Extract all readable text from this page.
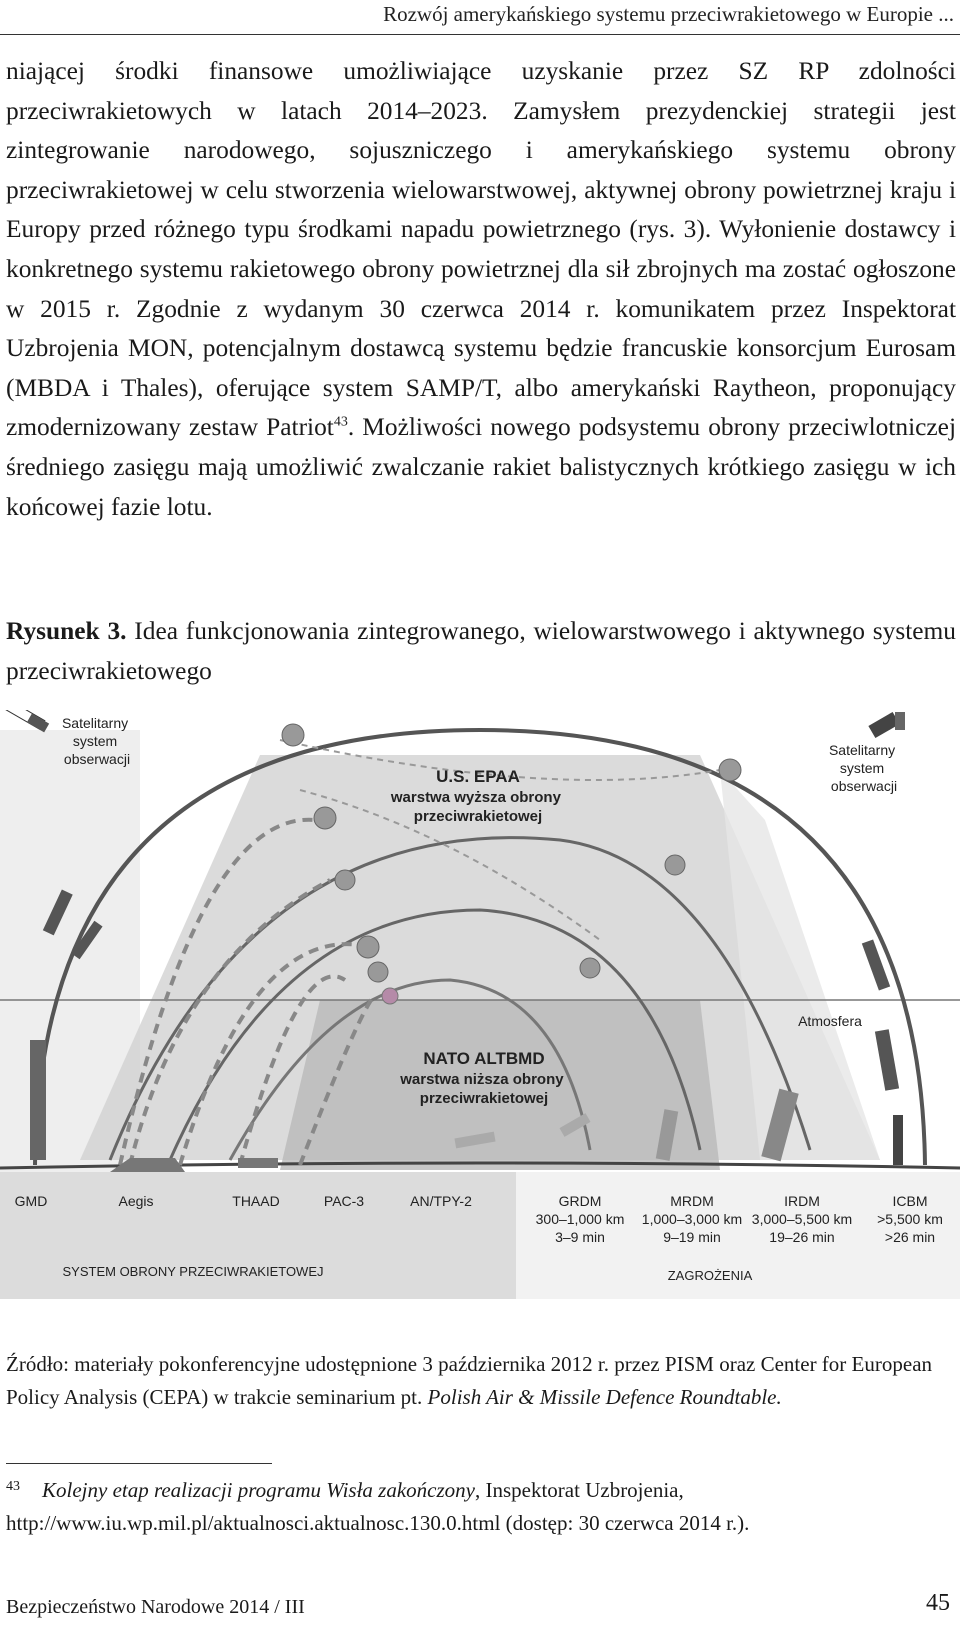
Rozwój amerykańskiego systemu przeciwrakietowego w Europie ...

niającej środki finansowe umożliwiające uzyskanie przez SZ RP zdolności przeciwrakietowych w latach 2014–2023. Zamysłem prezydenckiej strategii jest zintegrowanie narodowego, sojuszniczego i amerykańskiego systemu obrony przeciwrakietowej w celu stworzenia wielowarstwowej, aktywnej obrony powietrznej kraju i Europy przed różnego typu środkami napadu powietrznego (rys. 3). Wyłonienie dostawcy i konkretnego systemu rakietowego obrony powietrznej dla sił zbrojnych ma zostać ogłoszone w 2015 r. Zgodnie z wydanym 30 czerwca 2014 r. komunikatem przez Inspektorat Uzbrojenia MON, potencjalnym dostawcą systemu będzie francuskie konsorcjum Eurosam (MBDA i Thales), oferujące system SAMP/T, albo amerykański Raytheon, proponujący zmodernizowany zestaw Patriot$^{43}$. Możliwości nowego podsystemu obrony przeciwlotniczej średniego zasięgu mają umożliwić zwalczanie rakiet balistycznych krótkiego zasięgu w ich końcowej fazie lotu.

Rysunek 3. Idea funkcjonowania zintegrowanego, wielowarstwowego i aktywnego systemu przeciwrakietowego
Satelitarny system obserwacji
Satelitarny system obserwacji
U.S. EPAA
warstwa wyższa obrony przeciwrakietowej
Atmosfera
NATO ALTBMD
warstwa niższa obrony przeciwrakietowej
GMD	Aegis	THAAD	PAC-3	AN/TPY-2
SYSTEM OBRONY PRZECIWRAKIETOWEJ
GRDM
300–1,000 km
3–9 min
MRDM
1,000–3,000 km
9–19 min
IRDM
3,000–5,500 km
19–26 min
ICBM
>5,500 km
>26 min
ZAGROŻENIA
Źródło: materiały pokonferencyjne udostępnione 3 października 2012 r. przez PISM oraz Center for European Policy Analysis (CEPA) w trakcie seminarium pt. Polish Air & Missile Defence Roundtable.
43 Kolejny etap realizacji programu Wisła zakończony, Inspektorat Uzbrojenia, http://www.iu.wp.mil.pl/aktualnosci.aktualnosc.130.0.html (dostęp: 30 czerwca 2014 r.).
Bezpieczeństwo Narodowe 2014 / III	45
